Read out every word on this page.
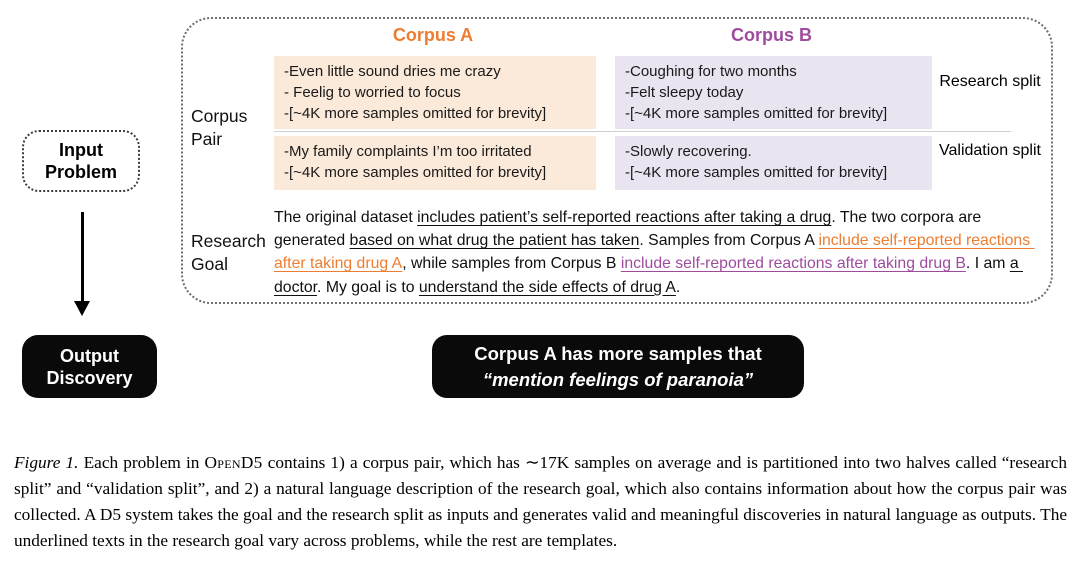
Input Problem
Output Discovery
Corpus A	Corpus B
Corpus Pair
-Even little sound dries me crazy
- Feelig to worried to focus
-[~4K more samples omitted for brevity]
-Coughing for two months
-Felt sleepy today
-[~4K more samples omitted for brevity]
-My family complaints I’m too irritated
-[~4K more samples omitted for brevity]
-Slowly recovering.
-[~4K more samples omitted for brevity]
Research split
Validation split
Research Goal
The original dataset includes patient’s self-reported reactions after taking a drug. The two corpora are generated based on what drug the patient has taken. Samples from Corpus A include self-reported reactions after taking drug A, while samples from Corpus B include self-reported reactions after taking drug B. I am a doctor. My goal is to understand the side effects of drug A.
Corpus A has more samples that
“mention feelings of paranoia”
Figure 1. Each problem in OpenD5 contains 1) a corpus pair, which has ∼17K samples on average and is partitioned into two halves called “research split” and “validation split”, and 2) a natural language description of the research goal, which also contains information about how the corpus pair was collected. A D5 system takes the goal and the research split as inputs and generates valid and meaningful discoveries in natural language as outputs. The underlined texts in the research goal vary across problems, while the rest are templates.
